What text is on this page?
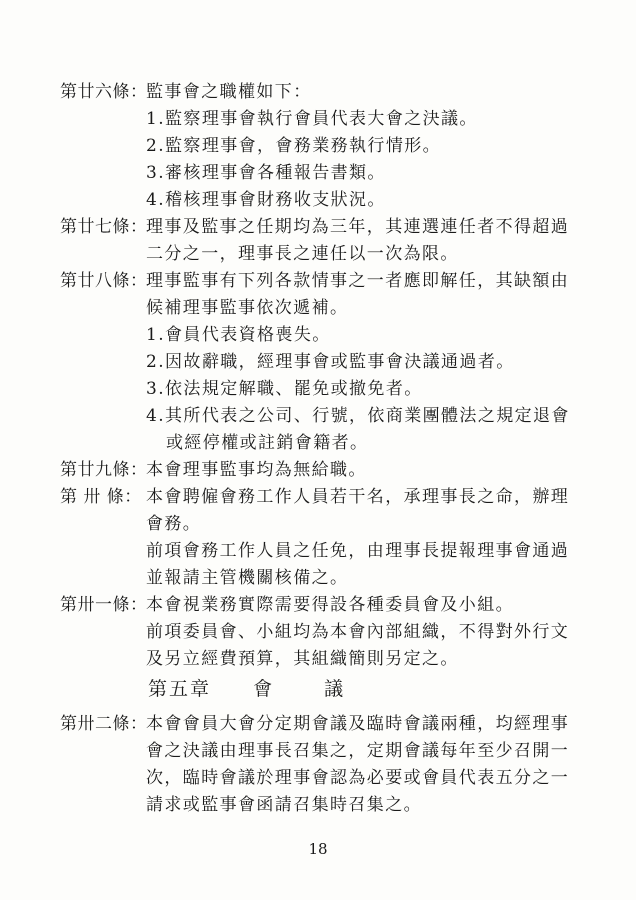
第廿六條：
監事會之職權如下：
1.監察理事會執行會員代表大會之決議。
2.監察理事會，會務業務執行情形。
3.審核理事會各種報告書類。
4.稽核理事會財務收支狀況。
第廿七條：
理事及監事之任期均為三年，其連選連任者不得超過
二分之一，理事長之連任以一次為限。
第廿八條：
理事監事有下列各款情事之一者應即解任，其缺額由
候補理事監事依次遞補。
1.會員代表資格喪失。
2.因故辭職，經理事會或監事會決議通過者。
3.依法規定解職、罷免或撤免者。
4.其所代表之公司、行號，依商業團體法之規定退會
或經停權或註銷會籍者。
第廿九條：
本會理事監事均為無給職。
第 卅 條： 本會聘僱會務工作人員若干名，承理事長之命，辦理
會務。
前項會務工作人員之任免，由理事長提報理事會通過
並報請主管機關核備之。
第卅一條：
本會視業務實際需要得設各種委員會及小組。
前項委員會、小組均為本會內部組織，不得對外行文
第五章 會	議
第卅二條：
本會會員大會分定期會議及臨時會議兩種，均經理事
會之決議由理事長召集之，定期會議每年至少召開一
次，臨時會議於理事會認為必要或會員代表五分之一
請求或監事會函請召集時召集之。
18
及另立經費預算，其組織簡則另定之。
